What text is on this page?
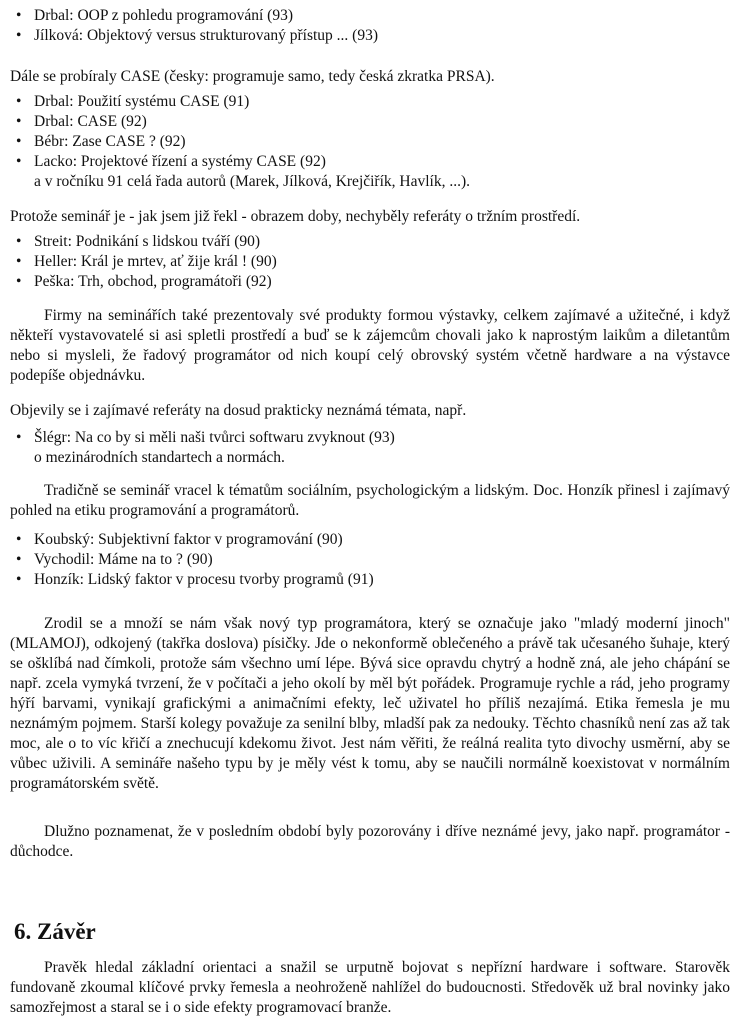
• Drbal: OOP z pohledu programování (93)
• Jílková: Objektový versus strukturovaný přístup ... (93)

Dále se probíraly CASE (česky: programuje samo, tedy česká zkratka PRSA).

• Drbal: Použití systému CASE (91)
• Drbal: CASE (92)
• Bébr: Zase CASE ? (92)
• Lacko: Projektové řízení a systémy CASE (92)
a v ročníku 91 celá řada autorů (Marek, Jílková, Krejčiřík, Havlík, ...).

Protože seminář je - jak jsem již řekl - obrazem doby, nechyběly referáty o tržním prostředí.

• Streit: Podnikání s lidskou tváří (90)
• Heller: Král je mrtev, ať žije král ! (90)
• Peška: Trh, obchod, programátoři (92)

Firmy na seminářích také prezentovaly své produkty formou výstavky, celkem zajímavé a užitečné, i když někteří vystavovatelé si asi spletli prostředí a buď se k zájemcům chovali jako k naprostým laikům a diletantům nebo si mysleli, že řadový programátor od nich koupí celý obrovský systém včetně hardware a na výstavce podepíše objednávku.

Objevily se i zajímavé referáty na dosud prakticky neznámá témata, např.

• Šlégr: Na co by si měli naši tvůrci softwaru zvyknout (93)
o mezinárodních standartech a normách.

Tradičně se seminář vracel k tématům sociálním, psychologickým a lidským. Doc. Honzík přinesl i zajímavý pohled na etiku programování a programátorů.

• Koubský: Subjektivní faktor v programování (90)
• Vychodil: Máme na to ? (90)
• Honzík: Lidský faktor v procesu tvorby programů (91)

Zrodil se a množí se nám však nový typ programátora, který se označuje jako "mladý moderní jinoch" (MLAMOJ), odkojený (takřka doslova) písičky. Jde o nekonformě oblečeného a právě tak učesaného šuhaje, který se ošklíbá nad čímkoli, protože sám všechno umí lépe. Bývá sice opravdu chytrý a hodně zná, ale jeho chápání se např. zcela vymyká tvrzení, že v počítači a jeho okolí by měl být pořádek. Programuje rychle a rád, jeho programy hýří barvami, vynikají grafickými a animačními efekty, leč uživatel ho příliš nezajímá. Etika řemesla je mu neznámým pojmem. Starší kolegy považuje za senilní blby, mladší pak za nedouky. Těchto chasníků není zas až tak moc, ale o to víc křičí a znechucují kdekomu život. Jest nám věřiti, že reálná realita tyto divochy usměrní, aby se vůbec uživili. A semináře našeho typu by je měly vést k tomu, aby se naučili normálně koexistovat v normálním programátorském světě.

Dlužno poznamenat, že v posledním období byly pozorovány i dříve neznámé jevy, jako např. programátor - důchodce.

6. Závěr

Pravěk hledal základní orientaci a snažil se urputně bojovat s nepřízní hardware i software. Starověk fundovaně zkoumal klíčové prvky řemesla a neohroženě nahlížel do budoucnosti. Středověk už bral novinky jako samozřejmost a staral se i o side efekty programovací branže.
